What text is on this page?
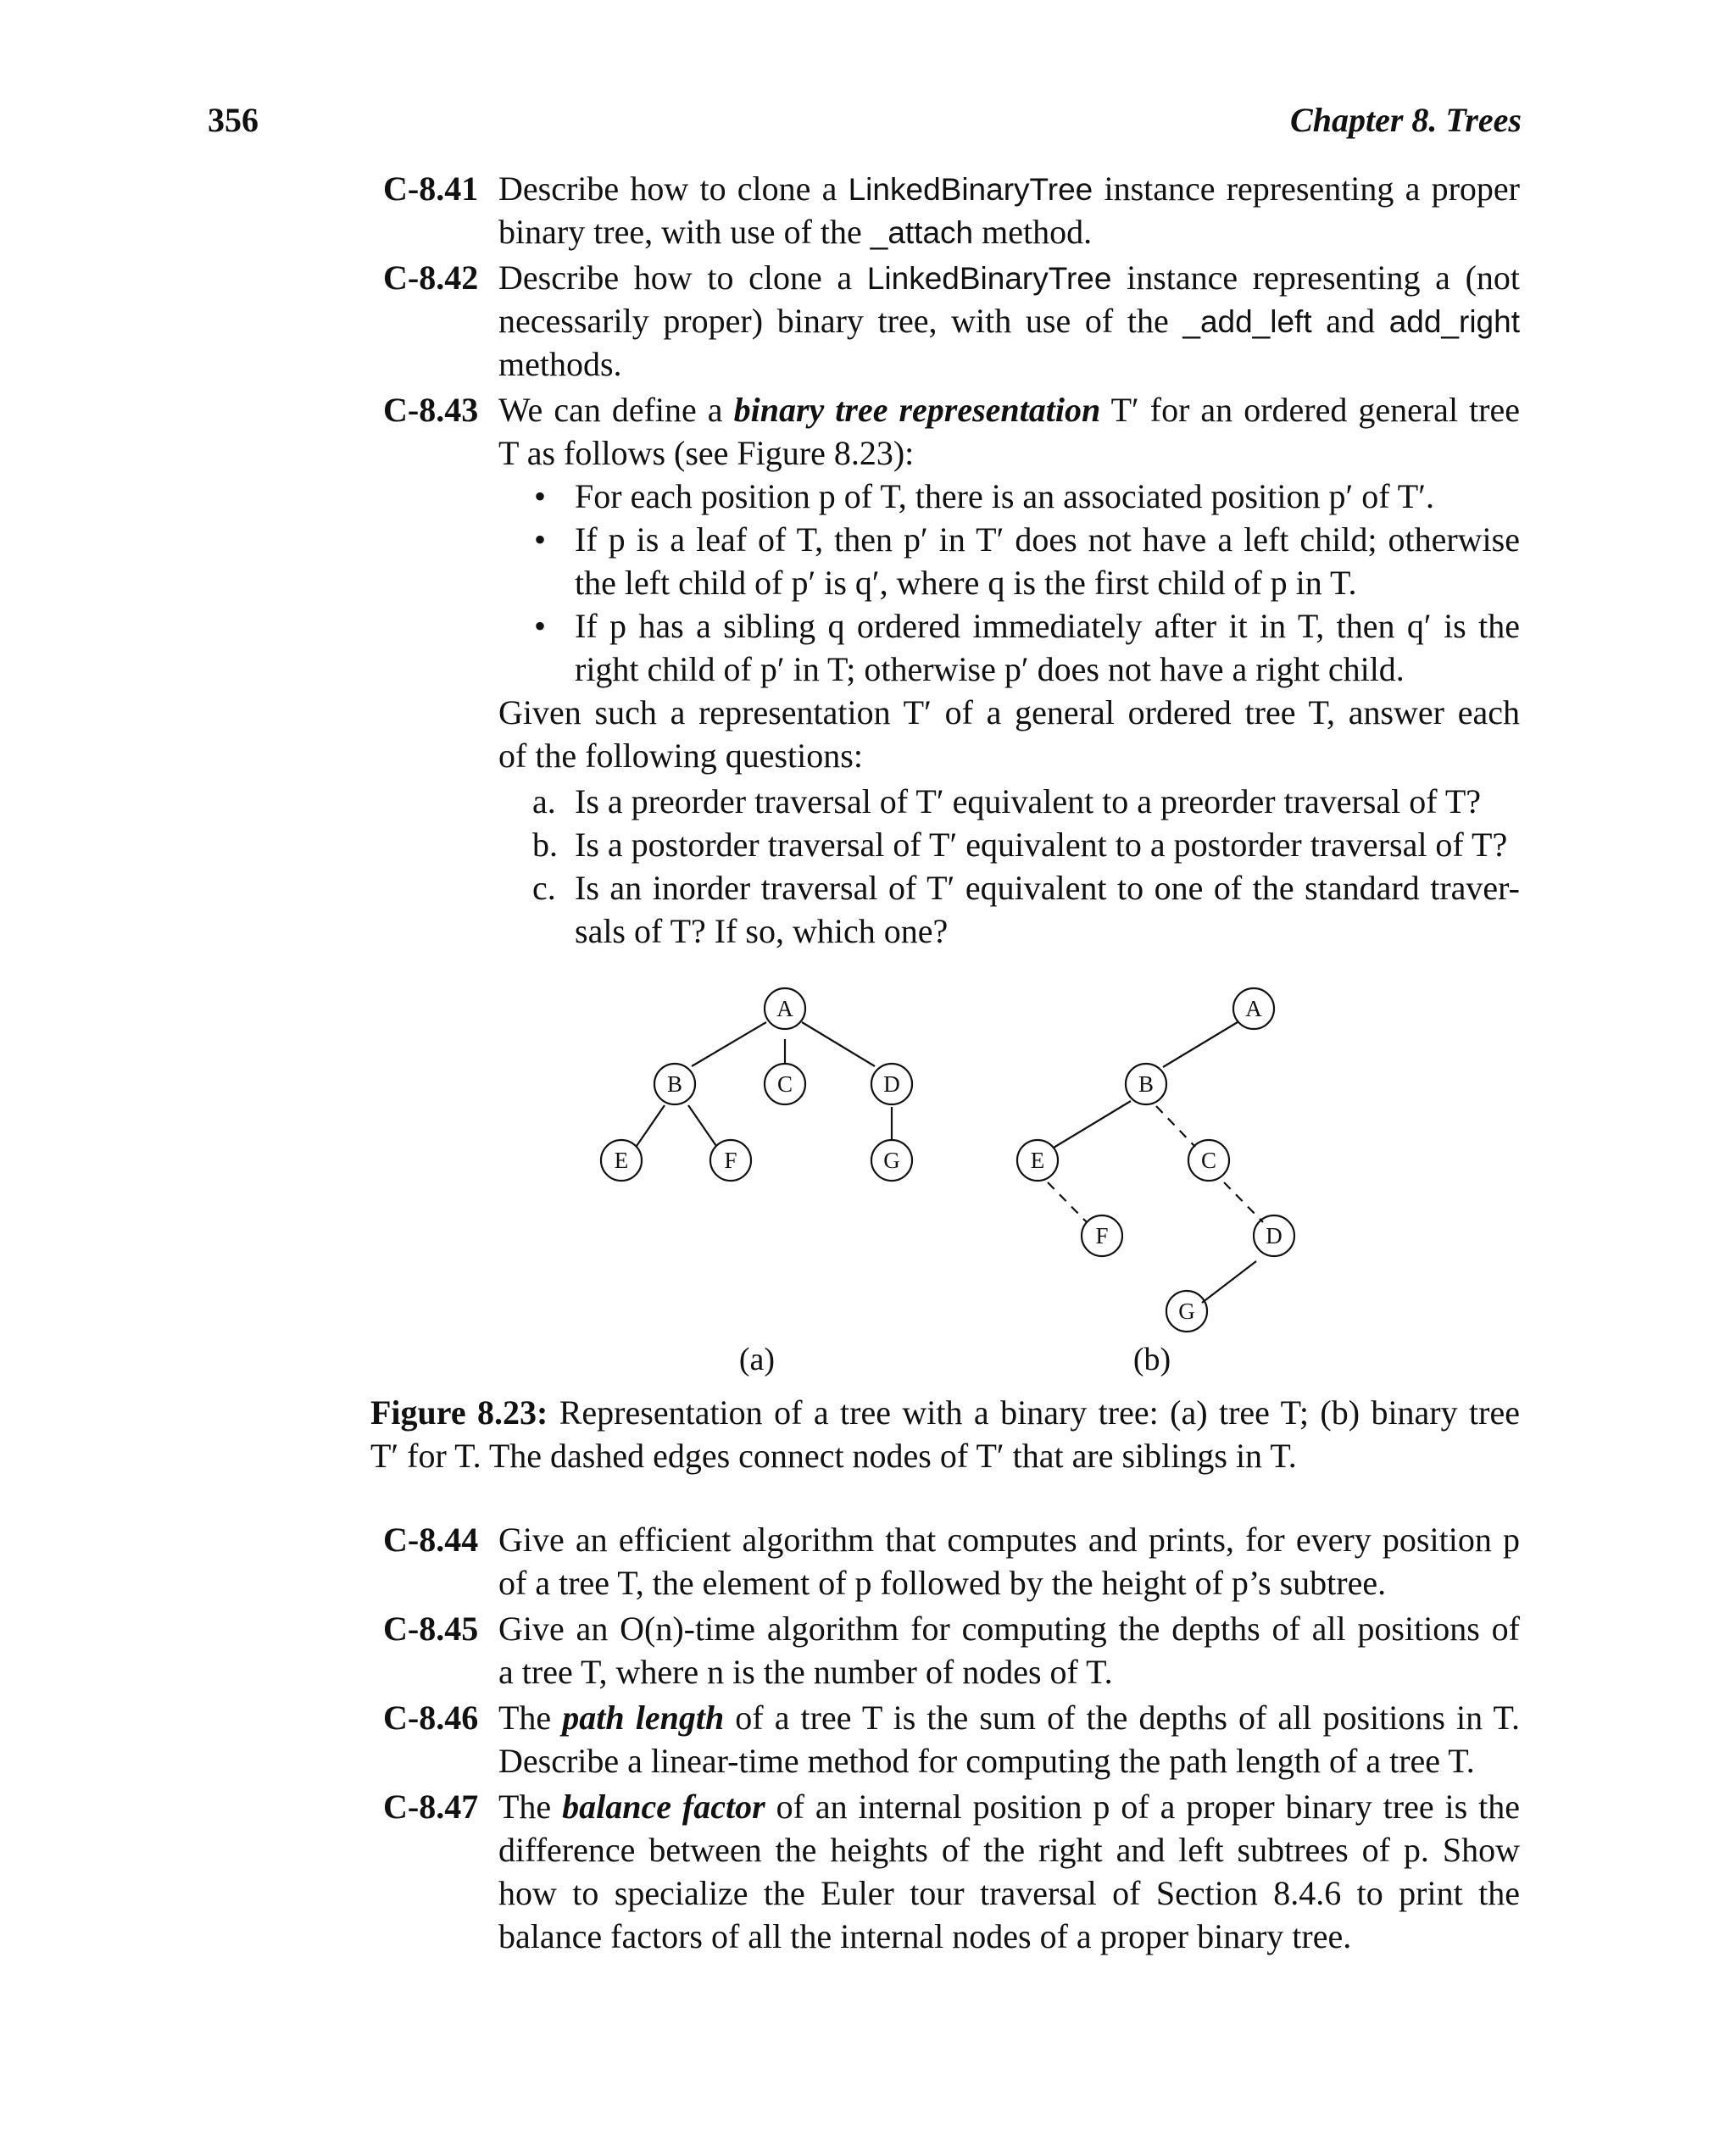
356	Chapter 8. Trees
C-8.41 Describe how to clone a LinkedBinaryTree instance representing a proper
binary tree, with use of the _attach method.
C-8.42 Describe how to clone a LinkedBinaryTree instance representing a (not
necessarily proper) binary tree, with use of the _add_left and add_right
methods.
C-8.43 We can define a binary tree representation T′ for an ordered general tree
T as follows (see Figure 8.23):
• For each position p of T, there is an associated position p′ of T′.
• If p is a leaf of T, then p′ in T′ does not have a left child; otherwise
the left child of p′ is q′, where q is the first child of p in T.
• If p has a sibling q ordered immediately after it in T, then q′ is the
right child of p′ in T; otherwise p′ does not have a right child.
Given such a representation T′ of a general ordered tree T, answer each
of the following questions:
a. Is a preorder traversal of T′ equivalent to a preorder traversal of T?
b. Is a postorder traversal of T′ equivalent to a postorder traversal of T?
c. Is an inorder traversal of T′ equivalent to one of the standard traver-
sals of T? If so, which one?
A
B	C	D
E	F	G
A
B
C
D
E
F
G
(a)	(b)
Figure 8.23: Representation of a tree with a binary tree: (a) tree T; (b) binary tree
T′ for T. The dashed edges connect nodes of T′ that are siblings in T.
C-8.44 Give an efficient algorithm that computes and prints, for every position p
of a tree T, the element of p followed by the height of p’s subtree.
C-8.45 Give an O(n)-time algorithm for computing the depths of all positions of
a tree T, where n is the number of nodes of T.
C-8.46 The path length of a tree T is the sum of the depths of all positions in T.
Describe a linear-time method for computing the path length of a tree T.
C-8.47 The balance factor of an internal position p of a proper binary tree is the
difference between the heights of the right and left subtrees of p. Show
how to specialize the Euler tour traversal of Section 8.4.6 to print the
balance factors of all the internal nodes of a proper binary tree.
